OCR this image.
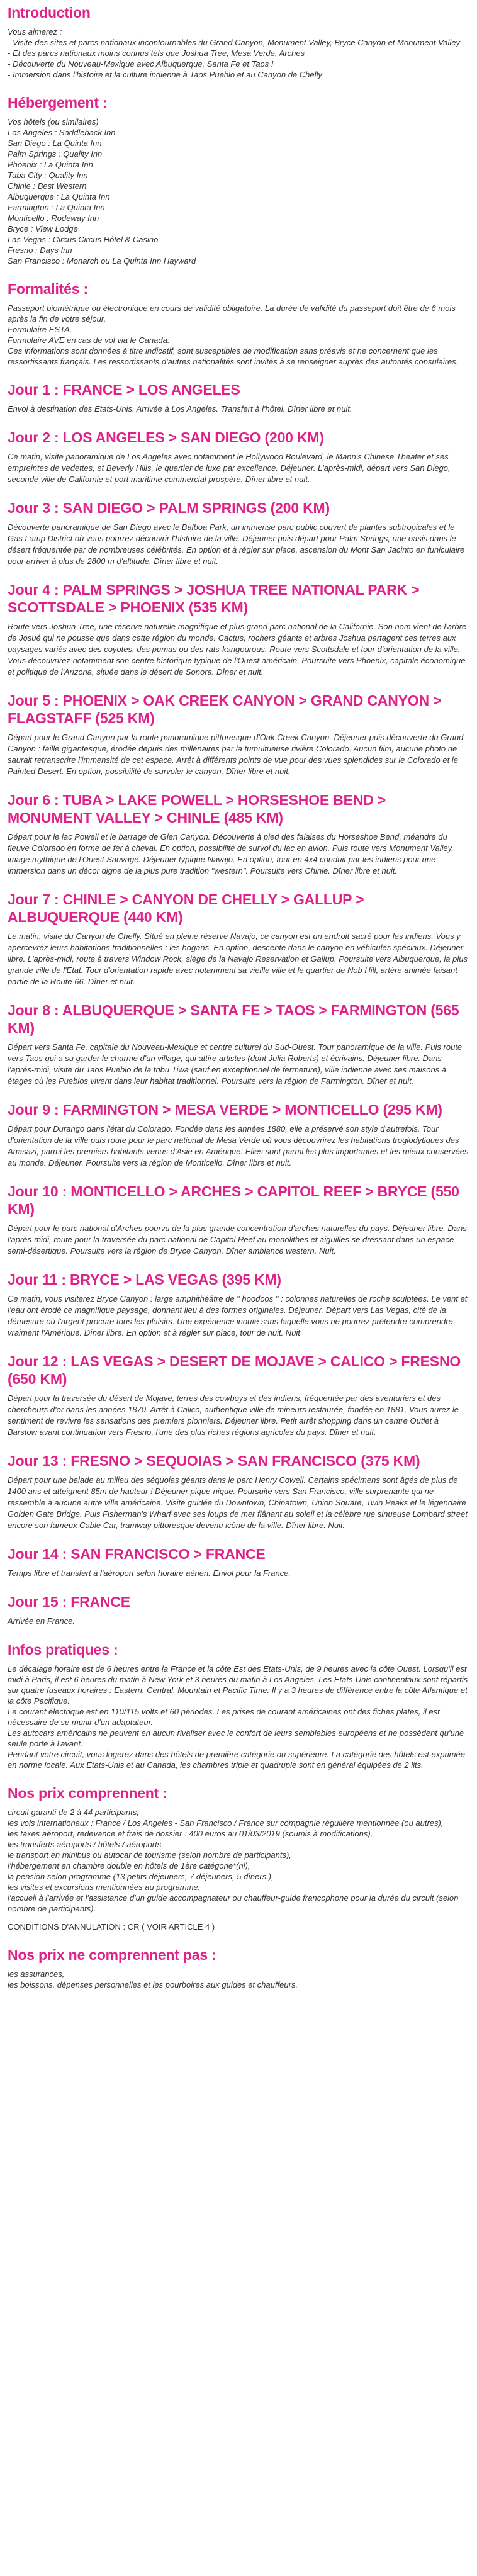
Introduction

Vous aimerez :

- Visite des sites et parcs nationaux incontournables du Grand Canyon, Monument Valley, Bryce Canyon et Monument Valley

- Et des parcs nationaux moins connus tels que Joshua Tree, Mesa Verde, Arches

- Découverte du Nouveau-Mexique avec Albuquerque, Santa Fe et Taos !

- Immersion dans l'histoire et la culture indienne à Taos Pueblo et au Canyon de Chelly

Hébergement :

Vos hôtels (ou similaires)

Los Angeles : Saddleback Inn

San Diego : La Quinta Inn

Palm Springs : Quality Inn

Phoenix : La Quinta Inn

Tuba City : Quality Inn

Chinle : Best Western

Albuquerque : La Quinta Inn

Farmington : La Quinta Inn

Monticello : Rodeway Inn

Bryce : View Lodge

Las Vegas : Circus Circus Hôtel & Casino

Fresno : Days Inn

San Francisco : Monarch ou La Quinta Inn Hayward

Formalités :

Passeport biométrique ou électronique en cours de validité obligatoire. La durée de validité du passeport doit être de 6 mois après la fin de votre séjour.

Formulaire ESTA.

Formulaire AVE en cas de vol via le Canada.

Ces informations sont données à titre indicatif, sont susceptibles de modification sans préavis et ne concernent que les ressortissants français. Les ressortissants d'autres nationalités sont invités à se renseigner auprès des autorités consulaires.

Jour 1 : FRANCE > LOS ANGELES

Envol à destination des Etats-Unis. Arrivée à Los Angeles. Transfert à l'hôtel. Dîner libre et nuit.

Jour 2 : LOS ANGELES > SAN DIEGO (200 KM)

Ce matin, visite panoramique de Los Angeles avec notamment le Hollywood Boulevard, le Mann's Chinese Theater et ses empreintes de vedettes, et Beverly Hills, le quartier de luxe par excellence. Déjeuner. L'après-midi, départ vers San Diego, seconde ville de Californie et port maritime commercial prospère. Dîner libre et nuit.

Jour 3 : SAN DIEGO > PALM SPRINGS (200 KM)

Découverte panoramique de San Diego avec le Balboa Park, un immense parc public couvert de plantes subtropicales et le Gas Lamp District où vous pourrez découvrir l'histoire de la ville. Déjeuner puis départ pour Palm Springs, une oasis dans le désert fréquentée par de nombreuses célébrités. En option et à régler sur place, ascension du Mont San Jacinto en funiculaire pour arriver à plus de 2800 m d'altitude. Dîner libre et nuit.

Jour 4 : PALM SPRINGS > JOSHUA TREE NATIONAL PARK > SCOTTSDALE > PHOENIX (535 KM)

Route vers Joshua Tree, une réserve naturelle magnifique et plus grand parc national de la Californie. Son nom vient de l'arbre de Josué qui ne pousse que dans cette région du monde. Cactus, rochers géants et arbres Joshua partagent ces terres aux paysages variés avec des coyotes, des pumas ou des rats-kangourous. Route vers Scottsdale et tour d'orientation de la ville. Vous découvrirez notamment son centre historique typique de l'Ouest américain. Poursuite vers Phoenix, capitale économique et politique de l'Arizona, située dans le désert de Sonora. Dîner et nuit.

Jour 5 : PHOENIX > OAK CREEK CANYON > GRAND CANYON > FLAGSTAFF (525 KM)

Départ pour le Grand Canyon par la route panoramique pittoresque d'Oak Creek Canyon. Déjeuner puis découverte du Grand Canyon : faille gigantesque, érodée depuis des millénaires par la tumultueuse rivière Colorado. Aucun film, aucune photo ne saurait retranscrire l'immensité de cet espace. Arrêt à différents points de vue pour des vues splendides sur le Colorado et le Painted Desert. En option, possibilité de survoler le canyon. Dîner libre et nuit.

Jour 6 : TUBA > LAKE POWELL > HORSESHOE BEND > MONUMENT VALLEY > CHINLE (485 KM)

Départ pour le lac Powell et le barrage de Glen Canyon. Découverte à pied des falaises du Horseshoe Bend, méandre du fleuve Colorado en forme de fer à cheval. En option, possibilité de survol du lac en avion. Puis route vers Monument Valley, image mythique de l'Ouest Sauvage. Déjeuner typique Navajo. En option, tour en 4x4 conduit par les indiens pour une immersion dans un décor digne de la plus pure tradition "western". Poursuite vers Chinle. Dîner libre et nuit.

Jour 7 : CHINLE > CANYON DE CHELLY > GALLUP > ALBUQUERQUE (440 KM)

Le matin, visite du Canyon de Chelly. Situé en pleine réserve Navajo, ce canyon est un endroit sacré pour les indiens. Vous y apercevrez leurs habitations traditionnelles : les hogans. En option, descente dans le canyon en véhicules spéciaux. Déjeuner libre. L'après-midi, route à travers Window Rock, siège de la Navajo Reservation et Gallup. Poursuite vers Albuquerque, la plus grande ville de l'Etat. Tour d'orientation rapide avec notamment sa vieille ville et le quartier de Nob Hill, artère animée faisant partie de la Route 66. Dîner et nuit.

Jour 8 : ALBUQUERQUE > SANTA FE > TAOS > FARMINGTON (565 KM)

Départ vers Santa Fe, capitale du Nouveau-Mexique et centre culturel du Sud-Ouest. Tour panoramique de la ville. Puis route vers Taos qui a su garder le charme d'un village, qui attire artistes (dont Julia Roberts) et écrivains. Déjeuner libre. Dans l'après-midi, visite du Taos Pueblo de la tribu Tiwa (sauf en exceptionnel de fermeture), ville indienne avec ses maisons à étages où les Pueblos vivent dans leur habitat traditionnel. Poursuite vers la région de Farmington. Dîner et nuit.

Jour 9 : FARMINGTON > MESA VERDE > MONTICELLO (295 KM)

Départ pour Durango dans l'état du Colorado. Fondée dans les années 1880, elle a préservé son style d'autrefois. Tour d'orientation de la ville puis route pour le parc national de Mesa Verde où vous découvrirez les habitations troglodytiques des Anasazi, parmi les premiers habitants venus d'Asie en Amérique. Elles sont parmi les plus importantes et les mieux conservées au monde. Déjeuner. Poursuite vers la région de Monticello. Dîner libre et nuit.

Jour 10 : MONTICELLO > ARCHES > CAPITOL REEF > BRYCE (550 KM)

Départ pour le parc national d'Arches pourvu de la plus grande concentration d'arches naturelles du pays. Déjeuner libre. Dans l'après-midi, route pour la traversée du parc national de Capitol Reef au monolithes et aiguilles se dressant dans un espace semi-désertique. Poursuite vers la région de Bryce Canyon. Dîner ambiance western. Nuit.

Jour 11 : BRYCE > LAS VEGAS (395 KM)

Ce matin, vous visiterez Bryce Canyon : large amphithéâtre de " hoodoos " : colonnes naturelles de roche sculptées. Le vent et l'eau ont érodé ce magnifique paysage, donnant lieu à des formes originales. Déjeuner. Départ vers Las Vegas, cité de la démesure où l'argent procure tous les plaisirs. Une expérience inouïe sans laquelle vous ne pourrez prétendre comprendre vraiment l'Amérique. Dîner libre. En option et à régler sur place, tour de nuit. Nuit

Jour 12 : LAS VEGAS > DESERT DE MOJAVE > CALICO > FRESNO (650 KM)

Départ pour la traversée du désert de Mojave, terres des cowboys et des indiens, fréquentée par des aventuriers et des chercheurs d'or dans les années 1870. Arrêt à Calico, authentique ville de mineurs restaurée, fondée en 1881. Vous aurez le sentiment de revivre les sensations des premiers pionniers. Déjeuner libre. Petit arrêt shopping dans un centre Outlet à Barstow avant continuation vers Fresno, l'une des plus riches régions agricoles du pays. Dîner et nuit.

Jour 13 : FRESNO > SEQUOIAS > SAN FRANCISCO (375 KM)

Départ pour une balade au milieu des séquoias géants dans le parc Henry Cowell. Certains spécimens sont âgés de plus de 1400 ans et atteignent 85m de hauteur ! Déjeuner pique-nique. Poursuite vers San Francisco, ville surprenante qui ne ressemble à aucune autre ville américaine. Visite guidée du Downtown, Chinatown, Union Square, Twin Peaks et le légendaire Golden Gate Bridge. Puis Fisherman's Wharf avec ses loups de mer flânant au soleil et la célèbre rue sinueuse Lombard street encore son fameux Cable Car, tramway pittoresque devenu icône de la ville. Dîner libre. Nuit.

Jour 14 : SAN FRANCISCO > FRANCE

Temps libre et transfert à l'aéroport selon horaire aérien. Envol pour la France.

Jour 15 : FRANCE

Arrivée en France.

Infos pratiques :

Le décalage horaire est de 6 heures entre la France et la côte Est des Etats-Unis, de 9 heures avec la côte Ouest. Lorsqu'il est midi à Paris, il est 6 heures du matin à New York et 3 heures du matin à Los Angeles. Les Etats-Unis continentaux sont répartis sur quatre fuseaux horaires : Eastern, Central, Mountain et Pacific Time. Il y a 3 heures de différence entre la côte Atlantique et la côte Pacifique.

Le courant électrique est en 110/115 volts et 60 périodes. Les prises de courant américaines ont des fiches plates, il est nécessaire de se munir d'un adaptateur.

Les autocars américains ne peuvent en aucun rivaliser avec le confort de leurs semblables européens et ne possèdent qu'une seule porte à l'avant.

Pendant votre circuit, vous logerez dans des hôtels de première catégorie ou supérieure. La catégorie des hôtels est exprimée en norme locale. Aux Etats-Unis et au Canada, les chambres triple et quadruple sont en général équipées de 2 lits.

Nos prix comprennent :

circuit garanti de 2 à 44 participants,

les vols internationaux : France / Los Angeles - San Francisco / France sur compagnie régulière mentionnée (ou autres),

les taxes aéroport, redevance et frais de dossier : 400 euros au 01/03/2019 (soumis à modifications),

les transferts aéroports / hôtels / aéroports,

le transport en minibus ou autocar de tourisme (selon nombre de participants),

l'hébergement en chambre double en hôtels de 1ère catégorie*(nl),

la pension selon programme (13 petits déjeuners, 7 déjeuners, 5 dîners ),

les visites et excursions mentionnées au programme,

l'accueil à l'arrivée et l'assistance d'un guide accompagnateur ou chauffeur-guide francophone pour la durée du circuit (selon nombre de participants).

CONDITIONS D'ANNULATION : CR ( VOIR ARTICLE 4 )

Nos prix ne comprennent pas :

les assurances,

les boissons, dépenses personnelles et les pourboires aux guides et chauffeurs.
